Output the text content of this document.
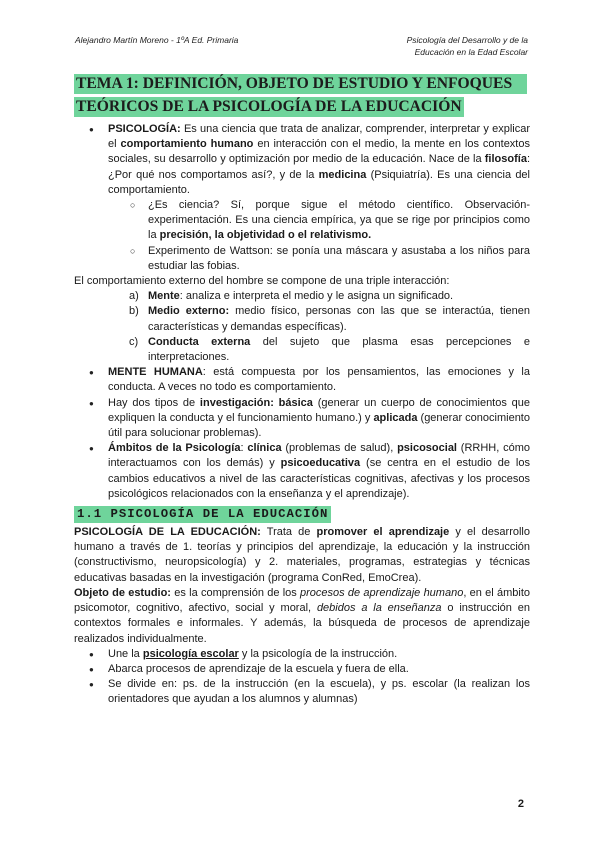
Alejandro Martín Moreno - 1ºA Ed. Primaria	Psicología del Desarrollo y de la
Educación en la Edad Escolar
TEMA 1: DEFINICIÓN, OBJETO DE ESTUDIO Y ENFOQUES
TEÓRICOS DE LA PSICOLOGÍA DE LA EDUCACIÓN

● PSICOLOGÍA: Es una ciencia que trata de analizar, comprender, interpretar y explicar el comportamiento humano en interacción con el medio, la mente en los contextos sociales, su desarrollo y optimización por medio de la educación. Nace de la filosofía: ¿Por qué nos comportamos así?, y de la medicina (Psiquiatría). Es una ciencia del comportamiento.

○ ¿Es ciencia? Sí, porque sigue el método científico. Observación-experimentación. Es una ciencia empírica, ya que se rige por principios como la precisión, la objetividad o el relativismo.

○ Experimento de Wattson: se ponía una máscara y asustaba a los niños para estudiar las fobias.

El comportamiento externo del hombre se compone de una triple interacción:

a) Mente: analiza e interpreta el medio y le asigna un significado.

b) Medio externo: medio físico, personas con las que se interactúa, tienen características y demandas específicas).

c) Conducta externa del sujeto que plasma esas percepciones e interpretaciones.

● MENTE HUMANA: está compuesta por los pensamientos, las emociones y la conducta. A veces no todo es comportamiento.

● Hay dos tipos de investigación: básica (generar un cuerpo de conocimientos que expliquen la conducta y el funcionamiento humano.) y aplicada (generar conocimiento útil para solucionar problemas).

● Ámbitos de la Psicología: clínica (problemas de salud), psicosocial (RRHH, cómo interactuamos con los demás) y psicoeducativa (se centra en el estudio de los cambios educativos a nivel de las características cognitivas, afectivas y los procesos psicológicos relacionados con la enseñanza y el aprendizaje).

1.1 PSICOLOGÍA DE LA EDUCACIÓN

PSICOLOGÍA DE LA EDUCACIÓN: Trata de promover el aprendizaje y el desarrollo humano a través de 1. teorías y principios del aprendizaje, la educación y la instrucción (constructivismo, neuropsicología) y 2. materiales, programas, estrategias y técnicas educativas basadas en la investigación (programa ConRed, EmoCrea).

Objeto de estudio: es la comprensión de los procesos de aprendizaje humano, en el ámbito psicomotor, cognitivo, afectivo, social y moral, debidos a la enseñanza o instrucción en contextos formales e informales. Y además, la búsqueda de procesos de aprendizaje realizados individualmente.

● Une la psicología escolar y la psicología de la instrucción.

● Abarca procesos de aprendizaje de la escuela y fuera de ella.

● Se divide en: ps. de la instrucción (en la escuela), y ps. escolar (la realizan los orientadores que ayudan a los alumnos y alumnas)

2
